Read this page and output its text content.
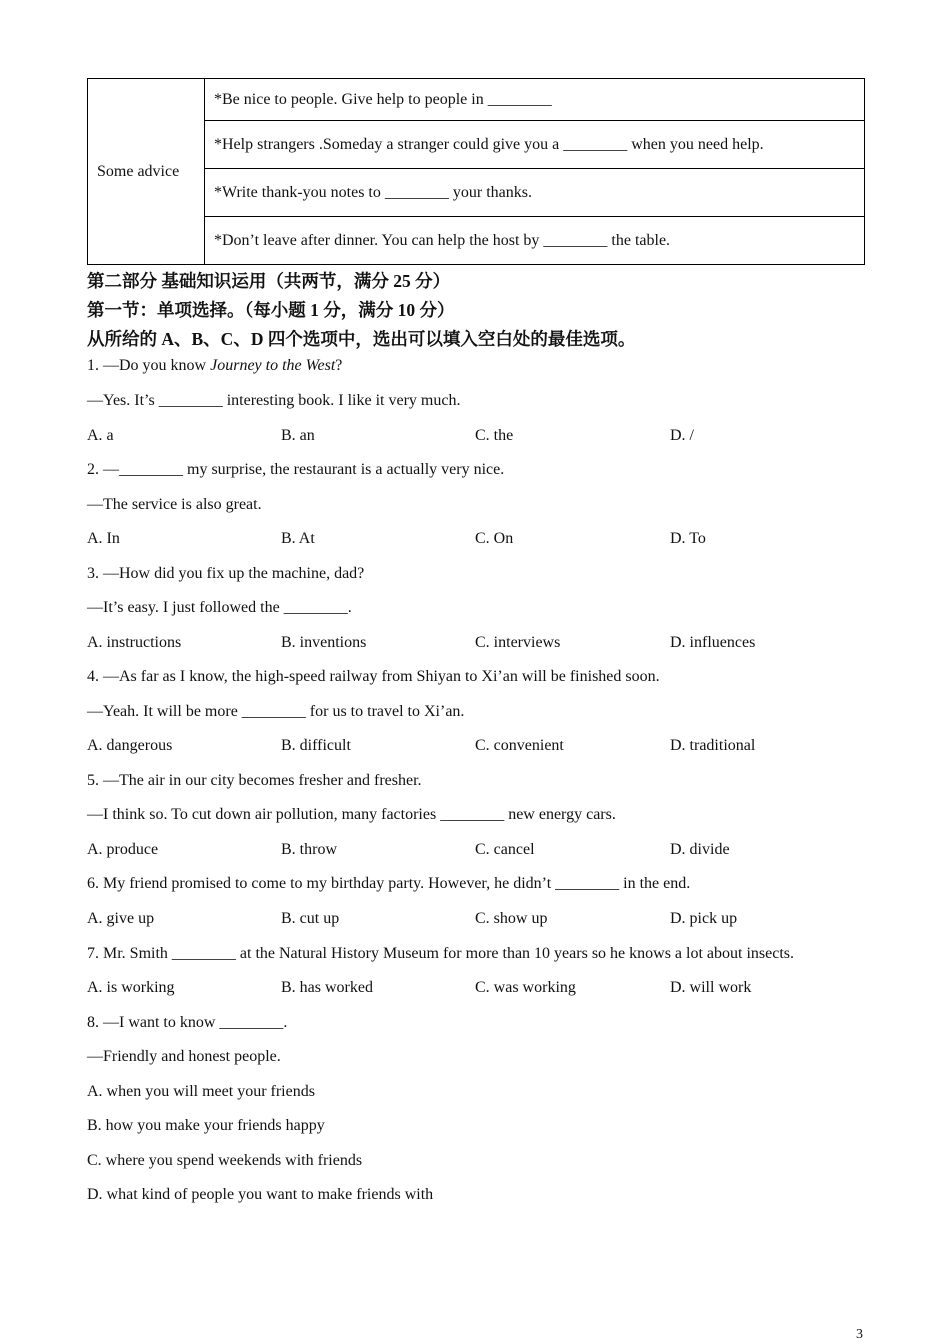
Some advice	*Be nice to people. Give help to people in ________
*Help strangers .Someday a stranger could give you a ________ when you need help.
*Write thank-you notes to ________ your thanks.
*Don’t leave after dinner. You can help the host by ________ the table.
第二部分 基础知识运用（共两节，满分 25 分）
第一节：单项选择。（每小题 1 分，满分 10 分）
从所给的 A、B、C、D 四个选项中，选出可以填入空白处的最佳选项。
1. —Do you know Journey to the West?
—Yes. It’s ________ interesting book. I like it very much.
A. a	B. an	C. the	D. /
2. —________ my surprise, the restaurant is a actually very nice.
—The service is also great.
A. In	B. At	C. On	D. To
3. —How did you fix up the machine, dad?
—It’s easy. I just followed the ________.
A. instructions	B. inventions	C. interviews	D. influences
4. —As far as I know, the high-speed railway from Shiyan to Xi’an will be finished soon.
—Yeah. It will be more ________ for us to travel to Xi’an.
A. dangerous	B. difficult	C. convenient	D. traditional
5. —The air in our city becomes fresher and fresher.
—I think so. To cut down air pollution, many factories ________ new energy cars.
A. produce	B. throw	C. cancel	D. divide
6. My friend promised to come to my birthday party. However, he didn’t ________ in the end.
A. give up	B. cut up	C. show up	D. pick up
7. Mr. Smith ________ at the Natural History Museum for more than 10 years so he knows a lot about insects.
A. is working	B. has worked	C. was working	D. will work
8. —I want to know ________.
—Friendly and honest people.
A. when you will meet your friends
B. how you make your friends happy
C. where you spend weekends with friends
D. what kind of people you want to make friends with
3
